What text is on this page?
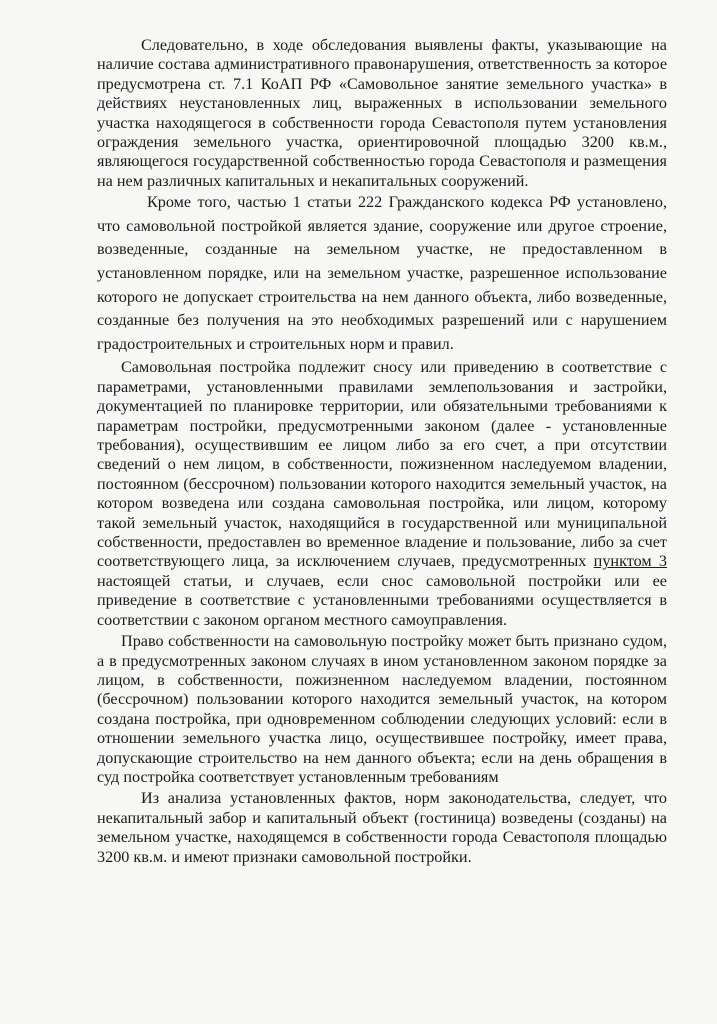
Следовательно, в ходе обследования выявлены факты, указывающие на наличие состава административного правонарушения, ответственность за которое предусмотрена ст. 7.1 КоАП РФ «Самовольное занятие земельного участка» в действиях неустановленных лиц, выраженных в использовании земельного участка находящегося в собственности города Севастополя путем установления ограждения земельного участка, ориентировочной площадью 3200 кв.м., являющегося государственной собственностью города Севастополя и размещения на нем различных капитальных и некапитальных сооружений.

Кроме того, частью 1 статьи 222 Гражданского кодекса РФ установлено, что самовольной постройкой является здание, сооружение или другое строение, возведенные, созданные на земельном участке, не предоставленном в установленном порядке, или на земельном участке, разрешенное использование которого не допускает строительства на нем данного объекта, либо возведенные, созданные без получения на это необходимых разрешений или с нарушением градостроительных и строительных норм и правил.

Самовольная постройка подлежит сносу или приведению в соответствие с параметрами, установленными правилами землепользования и застройки, документацией по планировке территории, или обязательными требованиями к параметрам постройки, предусмотренными законом (далее - установленные требования), осуществившим ее лицом либо за его счет, а при отсутствии сведений о нем лицом, в собственности, пожизненном наследуемом владении, постоянном (бессрочном) пользовании которого находится земельный участок, на котором возведена или создана самовольная постройка, или лицом, которому такой земельный участок, находящийся в государственной или муниципальной собственности, предоставлен во временное владение и пользование, либо за счет соответствующего лица, за исключением случаев, предусмотренных пунктом 3 настоящей статьи, и случаев, если снос самовольной постройки или ее приведение в соответствие с установленными требованиями осуществляется в соответствии с законом органом местного самоуправления.

Право собственности на самовольную постройку может быть признано судом, а в предусмотренных законом случаях в ином установленном законом порядке за лицом, в собственности, пожизненном наследуемом владении, постоянном (бессрочном) пользовании которого находится земельный участок, на котором создана постройка, при одновременном соблюдении следующих условий: если в отношении земельного участка лицо, осуществившее постройку, имеет права, допускающие строительство на нем данного объекта; если на день обращения в суд постройка соответствует установленным требованиям

Из анализа установленных фактов, норм законодательства, следует, что некапитальный забор и капитальный объект (гостиница) возведены (созданы) на земельном участке, находящемся в собственности города Севастополя площадью 3200 кв.м. и имеют признаки самовольной постройки.
